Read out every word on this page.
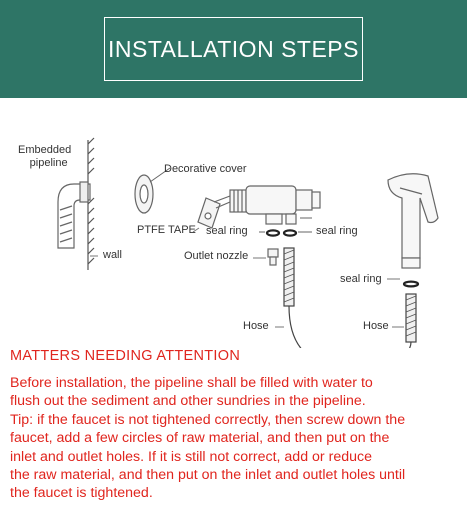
INSTALLATION STEPS
Embedded
pipeline
wall
Decorative cover
PTFE TAPE seal ring	seal ring
Outlet nozzle
seal ring
Hose	Hose
MATTERS NEEDING ATTENTION
Before installation, the pipeline shall be filled with water to
flush out the sediment and other sundries in the pipeline.
Tip: if the faucet is not tightened correctly, then screw down the
faucet, add a few circles of raw material, and then put on the
inlet and outlet holes. If it is still not correct, add or reduce
the raw material, and then put on the inlet and outlet holes until
the faucet is tightened.
